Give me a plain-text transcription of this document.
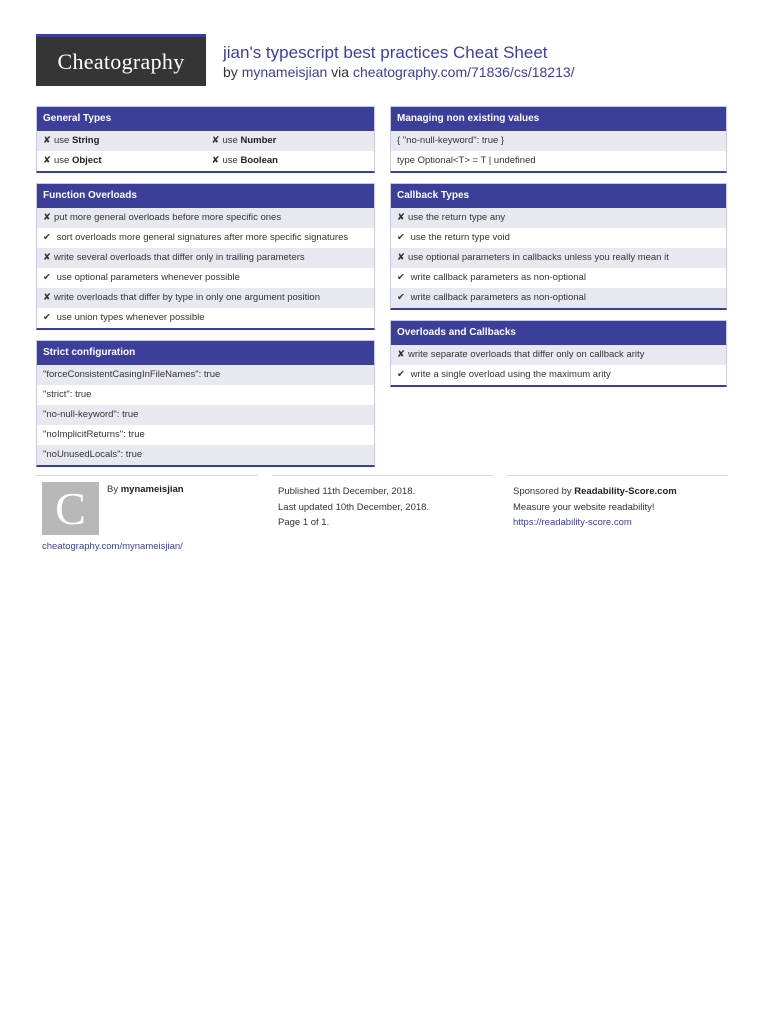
Cheatography jian's typescript best practices Cheat Sheet
by mynameisjian via cheatography.com/71836/cs/18213/
General Types
✘ use String	✘ use Number
✘ use Object	✘ use Boolean
Function Overloads
✘ put more general overloads before more specific ones
✔ sort overloads more general signatures after more specific signatures
✘ write several overloads that differ only in trailing parameters
✔ use optional parameters whenever possible
✘ write overloads that differ by type in only one argument position
✔ use union types whenever possible
Strict configuration
"forceConsistentCasingInFileNames": true
"strict": true
"no-null-keyword": true
"noImplicitReturns": true
"noUnusedLocals": true
Managing non existing values
{ "no-null-keyword": true }
type Optional<T> = T | undefined
Callback Types
✘ use the return type any
✔ use the return type void
✘ use optional parameters in callbacks unless you really mean it
✔ write callback parameters as non-optional
✔ write callback parameters as non-optional
Overloads and Callbacks
✘ write separate overloads that differ only on callback arity
✔ write a single overload using the maximum arity
C By mynameisjian
cheatography.com/mynameisjian/
Published 11th December, 2018.
Last updated 10th December, 2018.
Page 1 of 1.
Sponsored by Readability-Score.com
Measure your website readability!
https://readability-score.com
